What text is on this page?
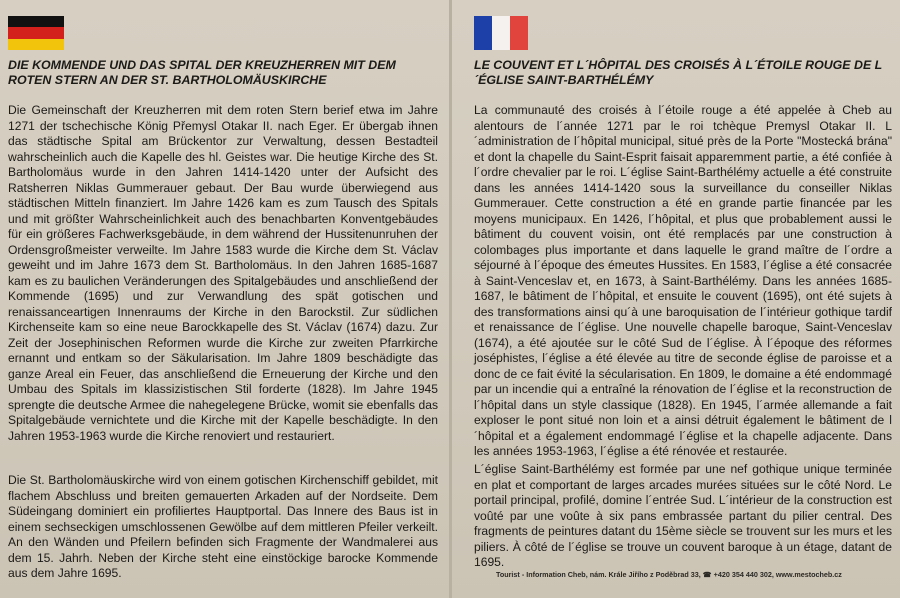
DIE KOMMENDE UND DAS SPITAL DER KREUZHERREN MIT DEM ROTEN STERN AN DER ST. BARTHOLOMÄUSKIRCHE

Die Gemeinschaft der Kreuzherren mit dem roten Stern berief etwa im Jahre 1271 der tschechische König Přemysl Otakar II. nach Eger. Er übergab ihnen das städtische Spital am Brückentor zur Verwaltung, dessen Bestadteil wahrscheinlich auch die Kapelle des hl. Geistes war. Die heutige Kirche des St. Bartholomäus wurde in den Jahren 1414-1420 unter der Aufsicht des Ratsherren Niklas Gummerauer gebaut. Der Bau wurde überwiegend aus städtischen Mitteln finanziert. Im Jahre 1426 kam es zum Tausch des Spitals und mit größter Wahrscheinlichkeit auch des benachbarten Konventgebäudes für ein größeres Fachwerksgebäude, in dem während der Hussitenunruhen der Ordensgroßmeister verweilte. Im Jahre 1583 wurde die Kirche dem St. Václav geweiht und im Jahre 1673 dem St. Bartholomäus. In den Jahren 1685-1687 kam es zu baulichen Veränderungen des Spitalgebäudes und anschließend der Kommende (1695) und zur Verwandlung des spät gotischen und renaissanceartigen Innenraums der Kirche in den Barockstil. Zur südlichen Kirchenseite kam so eine neue Barockkapelle des St. Václav (1674) dazu. Zur Zeit der Josephinischen Reformen wurde die Kirche zur zweiten Pfarrkirche ernannt und entkam so der Säkularisation. Im Jahre 1809 beschädigte das ganze Areal ein Feuer, das anschließend die Erneuerung der Kirche und den Umbau des Spitals im klassizistischen Stil forderte (1828). Im Jahre 1945 sprengte die deutsche Armee die nahegelegene Brücke, womit sie ebenfalls das Spitalgebäude vernichtete und die Kirche mit der Kapelle beschädigte. In den Jahren 1953-1963 wurde die Kirche renoviert und restauriert.

Die St. Bartholomäuskirche wird von einem gotischen Kirchenschiff gebildet, mit flachem Abschluss und breiten gemauerten Arkaden auf der Nordseite. Dem Südeingang dominiert ein profiliertes Hauptportal. Das Innere des Baus ist in einem sechseckigen umschlossenen Gewölbe auf dem mittleren Pfeiler verkeilt. An den Wänden und Pfeilern befinden sich Fragmente der Wandmalerei aus dem 15. Jahrh. Neben der Kirche steht eine einstöckige barocke Kommende aus dem Jahre 1695.

LE COUVENT ET L´HÔPITAL DES CROISÉS À L´ÉTOILE ROUGE DE L´ÉGLISE SAINT-BARTHÉLÉMY

La communauté des croisés à l´étoile rouge a été appelée à Cheb au alentours de l´année 1271 par le roi tchèque Premysl Otakar II. L´administration de l´hôpital municipal, situé près de la Porte "Mostecká brána" et dont la chapelle du Saint-Esprit faisait apparemment partie, a été confiée à l´ordre chevalier par le roi. L´église Saint-Barthélémy actuelle a été construite dans les années 1414-1420 sous la surveillance du conseiller Niklas Gummerauer. Cette construction a été en grande partie financée par les moyens municipaux. En 1426, l´hôpital, et plus que probablement aussi le bâtiment du couvent voisin, ont été remplacés par une construction à colombages plus importante et dans laquelle le grand maître de l´ordre a séjourné à l´époque des émeutes Hussites. En 1583, l´église a été consacrée à Saint-Venceslav et, en 1673, à Saint-Barthélémy. Dans les années 1685-1687, le bâtiment de l´hôpital, et ensuite le couvent (1695), ont été sujets à des transformations ainsi qu´à une baroquisation de l´intérieur gothique tardif et renaissance de l´église. Une nouvelle chapelle baroque, Saint-Venceslav (1674), a été ajoutée sur le côté Sud de l´église. À l´époque des réformes joséphistes, l´église a été élevée au titre de seconde église de paroisse et a donc de ce fait évité la sécularisation. En 1809, le domaine a été endommagé par un incendie qui a entraîné la rénovation de l´église et la reconstruction de l´hôpital dans un style classique (1828). En 1945, l´armée allemande a fait exploser le pont situé non loin et a ainsi détruit également le bâtiment de l´hôpital et a également endommagé l´église et la chapelle adjacente. Dans les années 1953-1963, l´église a été rénovée et restaurée.

L´église Saint-Barthélémy est formée par une nef gothique unique terminée en plat et comportant de larges arcades murées situées sur le côté Nord. Le portail principal, profilé, domine l´entrée Sud. L´intérieur de la construction est voûté par une voûte à six pans embrassée partant du pilier central. Des fragments de peintures datant du 15ème siècle se trouvent sur les murs et les piliers. À côté de l´église se trouve un couvent baroque à un étage, datant de 1695.

Tourist - Information Cheb, nám. Krále Jiřího z Poděbrad 33, ☎ +420 354 440 302, www.mestocheb.cz
